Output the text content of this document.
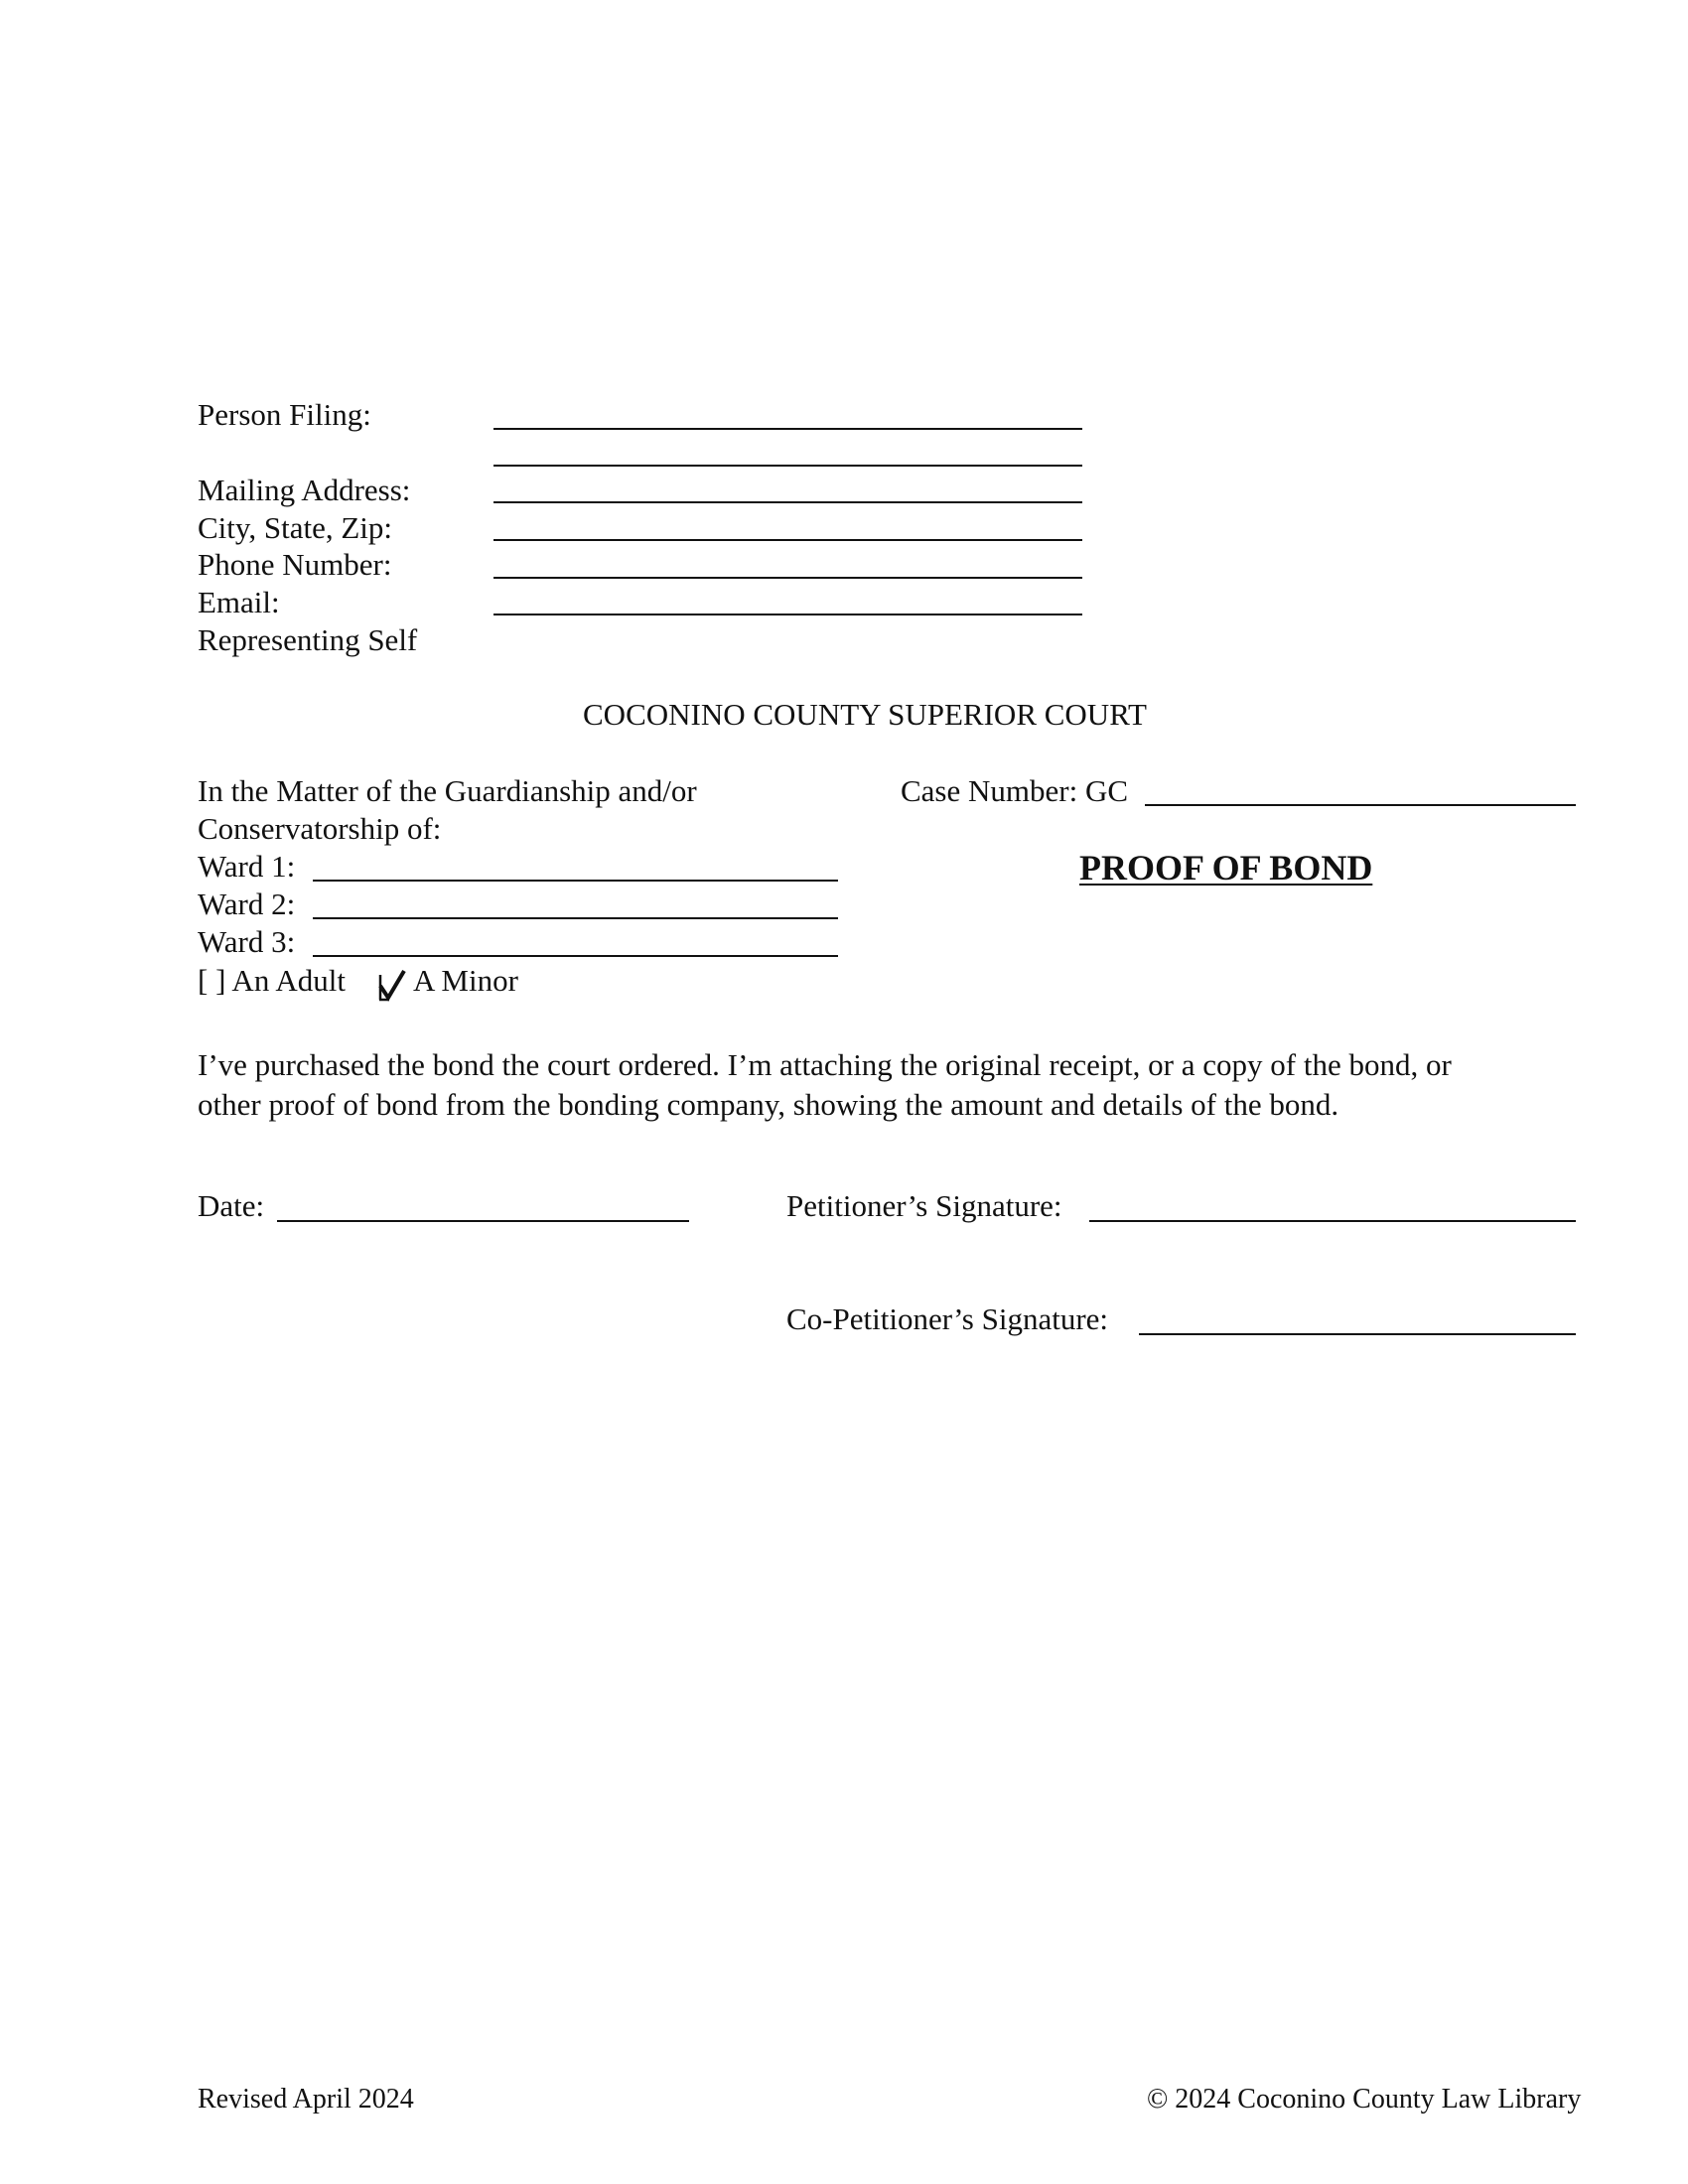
Person Filing:
Mailing Address:
City, State, Zip:
Phone Number:
Email:
Representing Self
COCONINO COUNTY SUPERIOR COURT
In the Matter of the Guardianship and/or
Conservatorship of:
Ward 1:
Ward 2:
Ward 3:
[ ] An Adult A Minor
Case Number: GC
PROOF OF BOND
I’ve purchased the bond the court ordered. I’m attaching the original receipt, or a copy of the bond, or
other proof of bond from the bonding company, showing the amount and details of the bond.
Date:	Petitioner’s Signature:
Co-Petitioner’s Signature:
Revised April 2024	© 2024 Coconino County Law Library
